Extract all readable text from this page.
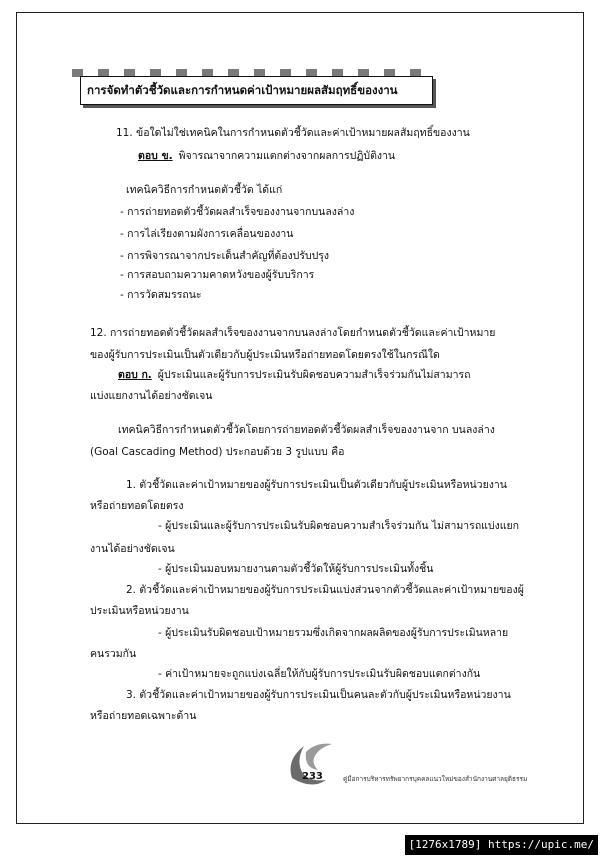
การจัดทำตัวชี้วัดและการกำหนดค่าเป้าหมายผลสัมฤทธิ์ของงาน
11. ข้อใดไม่ใช่เทคนิคในการกำหนดตัวชี้วัดและค่าเป้าหมายผลสัมฤทธิ์ของงาน
ตอบ ข. พิจารณาจากความแตกต่างจากผลการปฏิบัติงาน
เทคนิควิธีการกำหนดตัวชี้วัด ได้แก่
- การถ่ายทอดตัวชี้วัดผลสำเร็จของงานจากบนลงล่าง
- การไล่เรียงตามผังการเคลื่อนของงาน
- การพิจารณาจากประเด็นสำคัญที่ต้องปรับปรุง
- การสอบถามความคาดหวังของผู้รับบริการ
- การวัดสมรรถนะ
12. การถ่ายทอดตัวชี้วัดผลสำเร็จของงานจากบนลงล่างโดยกำหนดตัวชี้วัดและค่าเป้าหมาย
ของผู้รับการประเมินเป็นตัวเดียวกับผู้ประเมินหรือถ่ายทอดโดยตรงใช้ในกรณีใด
ตอบ ก. ผู้ประเมินและผู้รับการประเมินรับผิดชอบความสำเร็จร่วมกันไม่สามารถ
แบ่งแยกงานได้อย่างชัดเจน
เทคนิควิธีการกำหนดตัวชี้วัดโดยการถ่ายทอดตัวชี้วัดผลสำเร็จของงานจาก บนลงล่าง
(Goal Cascading Method) ประกอบด้วย 3 รูปแบบ คือ
1. ตัวชี้วัดและค่าเป้าหมายของผู้รับการประเมินเป็นตัวเดียวกับผู้ประเมินหรือหน่วยงาน
หรือถ่ายทอดโดยตรง
- ผู้ประเมินและผู้รับการประเมินรับผิดชอบความสำเร็จร่วมกัน ไม่สามารถแบ่งแยก
งานได้อย่างชัดเจน
- ผู้ประเมินมอบหมายงานตามตัวชี้วัดให้ผู้รับการประเมินทั้งชิ้น
2. ตัวชี้วัดและค่าเป้าหมายของผู้รับการประเมินแบ่งส่วนจากตัวชี้วัดและค่าเป้าหมายของผู้
ประเมินหรือหน่วยงาน
- ผู้ประเมินรับผิดชอบเป้าหมายรวมซึ่งเกิดจากผลผลิตของผู้รับการประเมินหลาย
คนรวมกัน
- ค่าเป้าหมายจะถูกแบ่งเฉลี่ยให้กับผู้รับการประเมินรับผิดชอบแตกต่างกัน
3. ตัวชี้วัดและค่าเป้าหมายของผู้รับการประเมินเป็นคนละตัวกับผู้ประเมินหรือหน่วยงาน
หรือถ่ายทอดเฉพาะด้าน
233	คู่มือการบริหารทรัพยากรบุคคลแนวใหม่ของสำนักงานศาลยุติธรรม
[1276x1789] https://upic.me/
